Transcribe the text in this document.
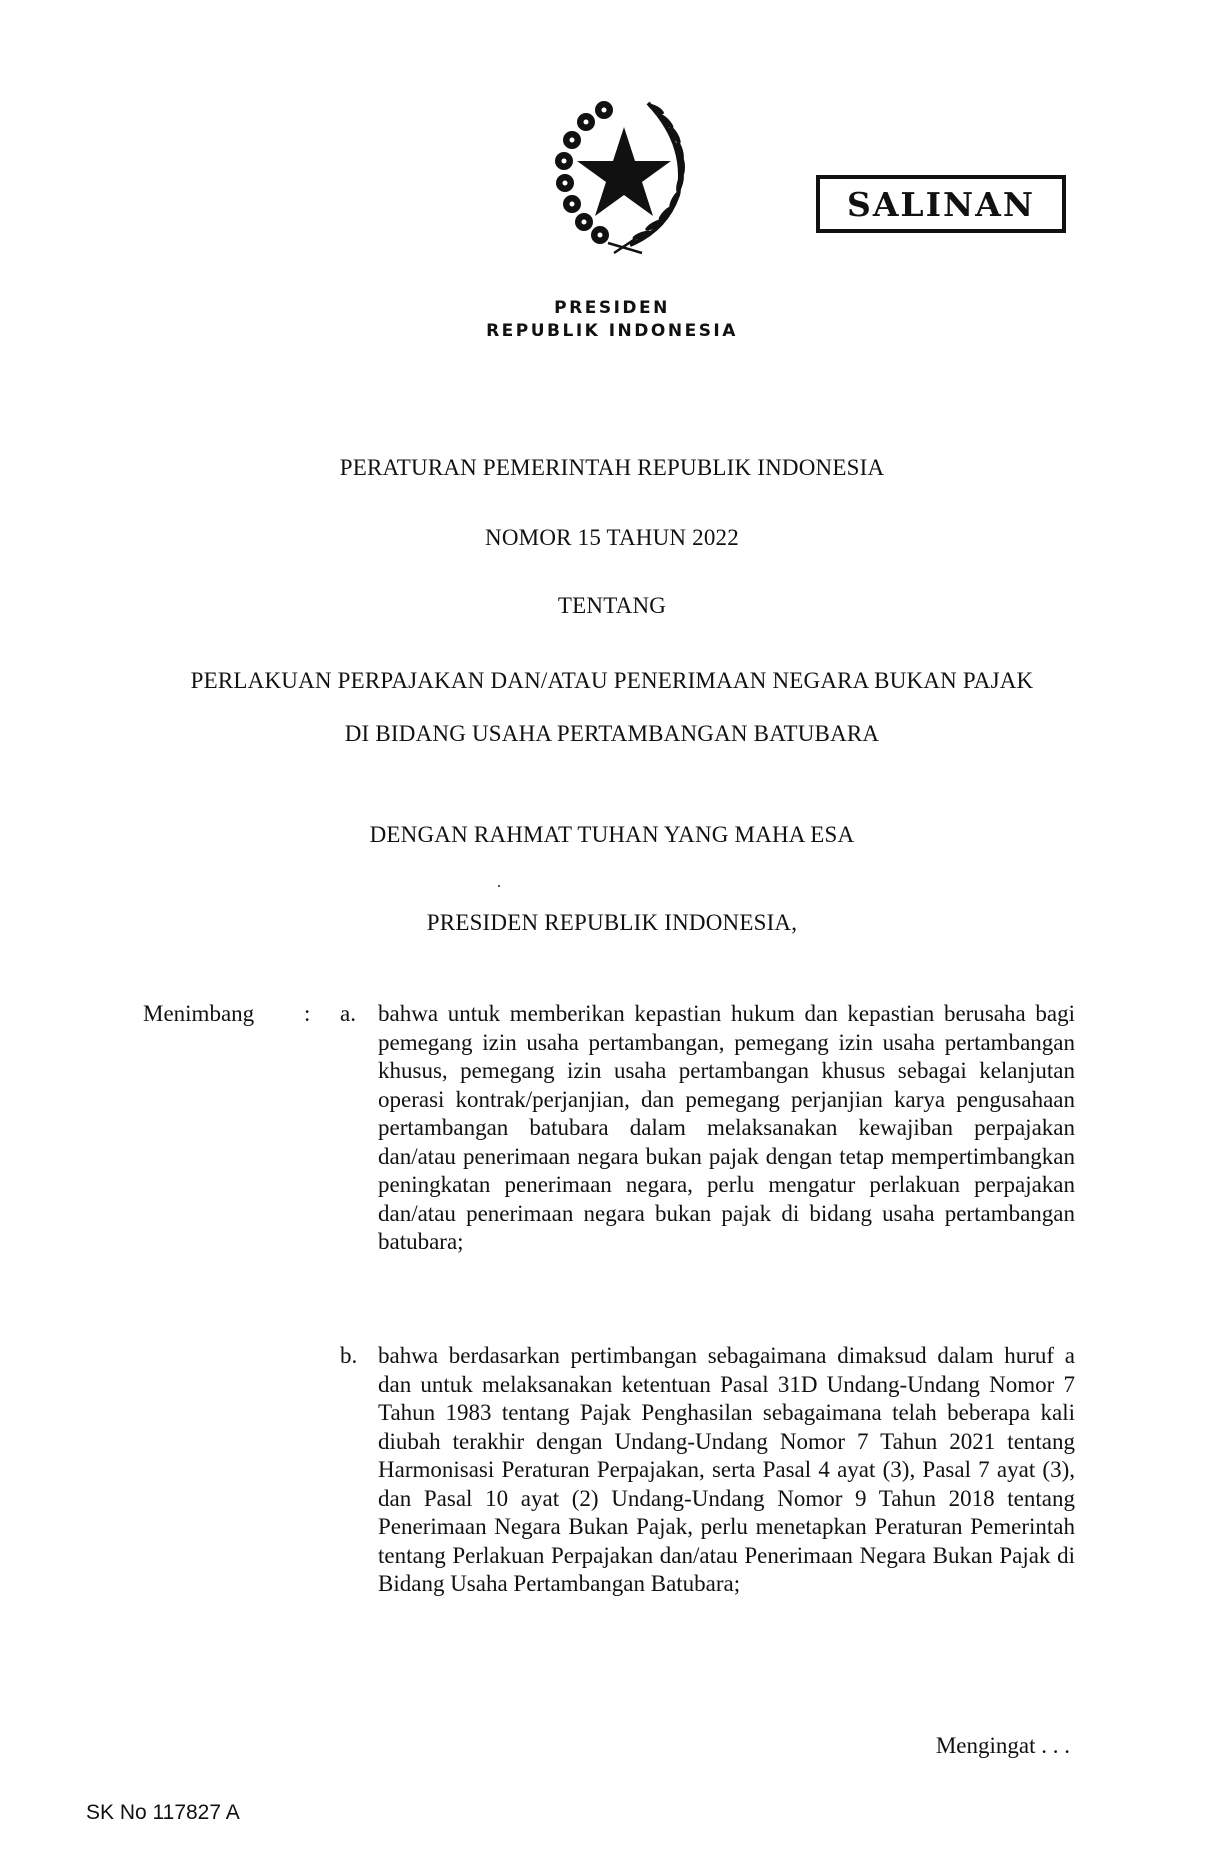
SALINAN
PRESIDEN
REPUBLIK INDONESIA
PERATURAN PEMERINTAH REPUBLIK INDONESIA
NOMOR 15 TAHUN 2022
TENTANG
PERLAKUAN PERPAJAKAN DAN/ATAU PENERIMAAN NEGARA BUKAN PAJAK
DI BIDANG USAHA PERTAMBANGAN BATUBARA
DENGAN RAHMAT TUHAN YANG MAHA ESA
PRESIDEN REPUBLIK INDONESIA,
Menimbang : a. bahwa untuk memberikan kepastian hukum dan kepastian berusaha bagi pemegang izin usaha pertambangan, pemegang izin usaha pertambangan khusus, pemegang izin usaha pertambangan khusus sebagai kelanjutan operasi kontrak/perjanjian, dan pemegang perjanjian karya pengusahaan pertambangan batubara dalam melaksanakan kewajiban perpajakan dan/atau penerimaan negara bukan pajak dengan tetap mempertimbangkan peningkatan penerimaan negara, perlu mengatur perlakuan perpajakan dan/atau penerimaan negara bukan pajak di bidang usaha pertambangan batubara;
b. bahwa berdasarkan pertimbangan sebagaimana dimaksud dalam huruf a dan untuk melaksanakan ketentuan Pasal 31D Undang-Undang Nomor 7 Tahun 1983 tentang Pajak Penghasilan sebagaimana telah beberapa kali diubah terakhir dengan Undang-Undang Nomor 7 Tahun 2021 tentang Harmonisasi Peraturan Perpajakan, serta Pasal 4 ayat (3), Pasal 7 ayat (3), dan Pasal 10 ayat (2) Undang-Undang Nomor 9 Tahun 2018 tentang Penerimaan Negara Bukan Pajak, perlu menetapkan Peraturan Pemerintah tentang Perlakuan Perpajakan dan/atau Penerimaan Negara Bukan Pajak di Bidang Usaha Pertambangan Batubara;
Mengingat . . .
SK No 117827 A
